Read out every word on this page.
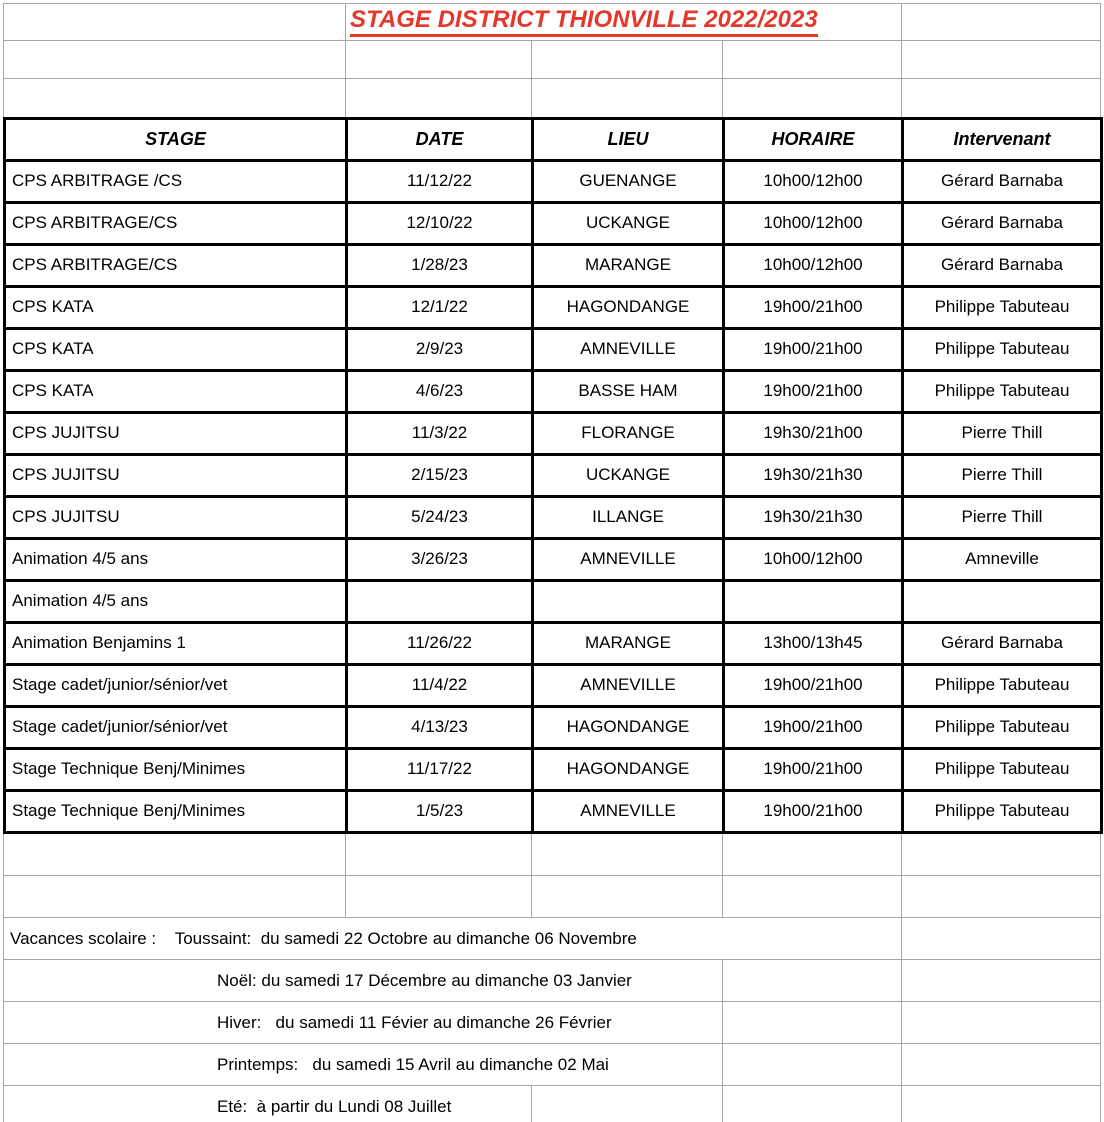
	STAGE DISTRICT THIONVILLE 2022/2023			

STAGE	DATE	LIEU	HORAIRE	Intervenant
CPS ARBITRAGE /CS	11/12/22	GUENANGE	10h00/12h00	Gérard Barnaba
CPS ARBITRAGE/CS	12/10/22	UCKANGE	10h00/12h00	Gérard Barnaba
CPS ARBITRAGE/CS	1/28/23	MARANGE	10h00/12h00	Gérard Barnaba
CPS KATA	12/1/22	HAGONDANGE	19h00/21h00	Philippe Tabuteau
CPS KATA	2/9/23	AMNEVILLE	19h00/21h00	Philippe Tabuteau
CPS KATA	4/6/23	BASSE HAM	19h00/21h00	Philippe Tabuteau
CPS JUJITSU	11/3/22	FLORANGE	19h30/21h00	Pierre Thill
CPS JUJITSU	2/15/23	UCKANGE	19h30/21h30	Pierre Thill
CPS JUJITSU	5/24/23	ILLANGE	19h30/21h30	Pierre Thill
Animation 4/5 ans	3/26/23	AMNEVILLE	10h00/12h00	Amneville
Animation 4/5 ans				
Animation Benjamins 1	11/26/22	MARANGE	13h00/13h45	Gérard Barnaba
Stage cadet/junior/sénior/vet	11/4/22	AMNEVILLE	19h00/21h00	Philippe Tabuteau
Stage cadet/junior/sénior/vet	4/13/23	HAGONDANGE	19h00/21h00	Philippe Tabuteau
Stage Technique Benj/Minimes	11/17/22	HAGONDANGE	19h00/21h00	Philippe Tabuteau
Stage Technique Benj/Minimes	1/5/23	AMNEVILLE	19h00/21h00	Philippe Tabuteau

Vacances scolaire :    Toussaint:  du samedi 22 Octobre au dimanche 06 Novembre				
Noël: du samedi 17 Décembre au dimanche 03 Janvier				
Hiver:   du samedi 11 Févier au dimanche 26 Février				
Printemps:   du samedi 15 Avril au dimanche 02 Mai				
Eté:  à partir du Lundi 08 Juillet				
